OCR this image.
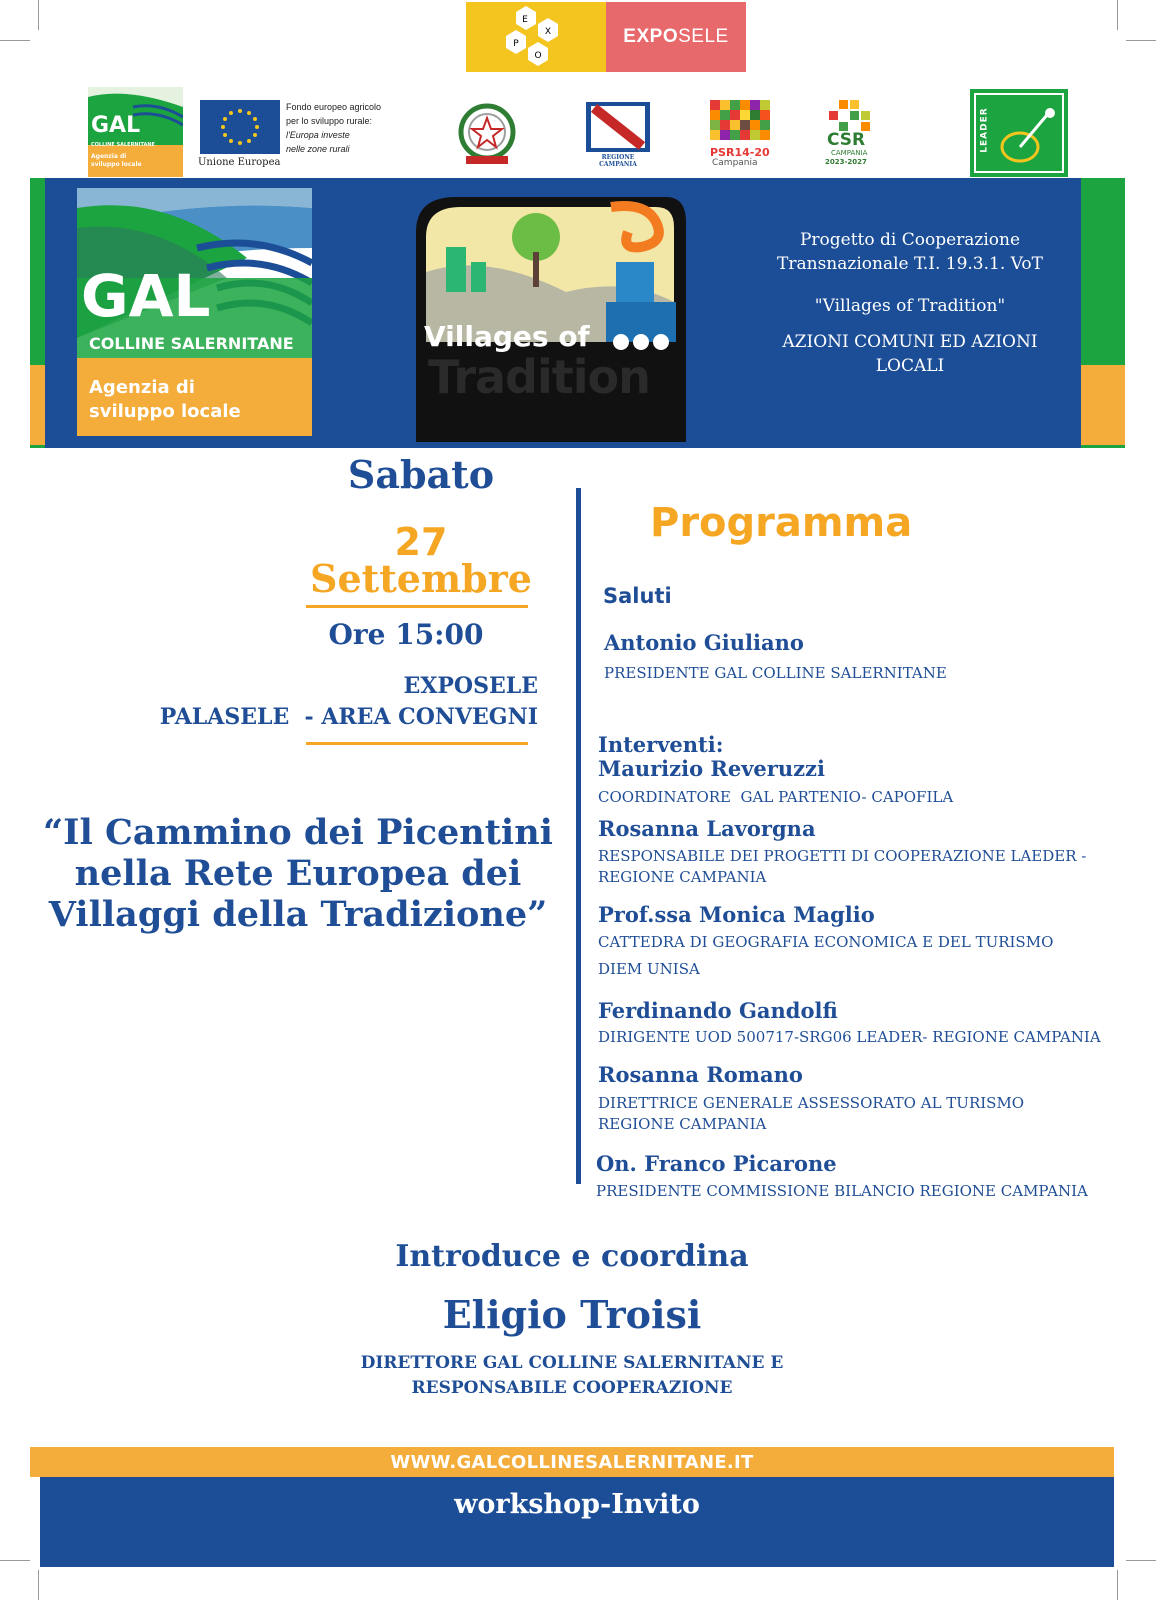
E
X
O
P	EXPO SELE
GAL
COLLINE SALERNITANE
Agenzia di sviluppo locale	Unione Europea
Fondo europeo agricolo
per lo sviluppo rurale:
l'Europa investe
nelle zone rurali
REGIONE CAMPANIA
PSR14-20
Campania
CSR
CAMPANIA
2023-2027
LEADER
GAL
COLLINE SALERNITANE
Agenzia di
sviluppo locale
Villages of
Tradition
Progetto di Cooperazione
Transnazionale T.I. 19.3.1. VoT
"Villages of Tradition"
AZIONI COMUNI ED AZIONI
LOCALI
Sabato
27
Settembre
Ore 15:00
EXPOSELE
PALASELE  - AREA CONVEGNI
“Il Cammino dei Picentini
nella Rete Europea dei
Villaggi della Tradizione”
Programma
Saluti
Antonio Giuliano
PRESIDENTE GAL COLLINE SALERNITANE
Interventi:
Maurizio Reveruzzi
COORDINATORE  GAL PARTENIO- CAPOFILA
Rosanna Lavorgna
RESPONSABILE DEI PROGETTI DI COOPERAZIONE LAEDER -
REGIONE CAMPANIA
Prof.ssa Monica Maglio
CATTEDRA DI GEOGRAFIA ECONOMICA E DEL TURISMO
DIEM UNISA
Ferdinando Gandolfi
DIRIGENTE UOD 500717-SRG06 LEADER- REGIONE CAMPANIA
Rosanna Romano
DIRETTRICE GENERALE ASSESSORATO AL TURISMO
REGIONE CAMPANIA
On. Franco Picarone
PRESIDENTE COMMISSIONE BILANCIO REGIONE CAMPANIA
Introduce e coordina
Eligio Troisi
DIRETTORE GAL COLLINE SALERNITANE E
RESPONSABILE COOPERAZIONE
WWW.GALCOLLINESALERNITANE.IT
workshop-Invito
